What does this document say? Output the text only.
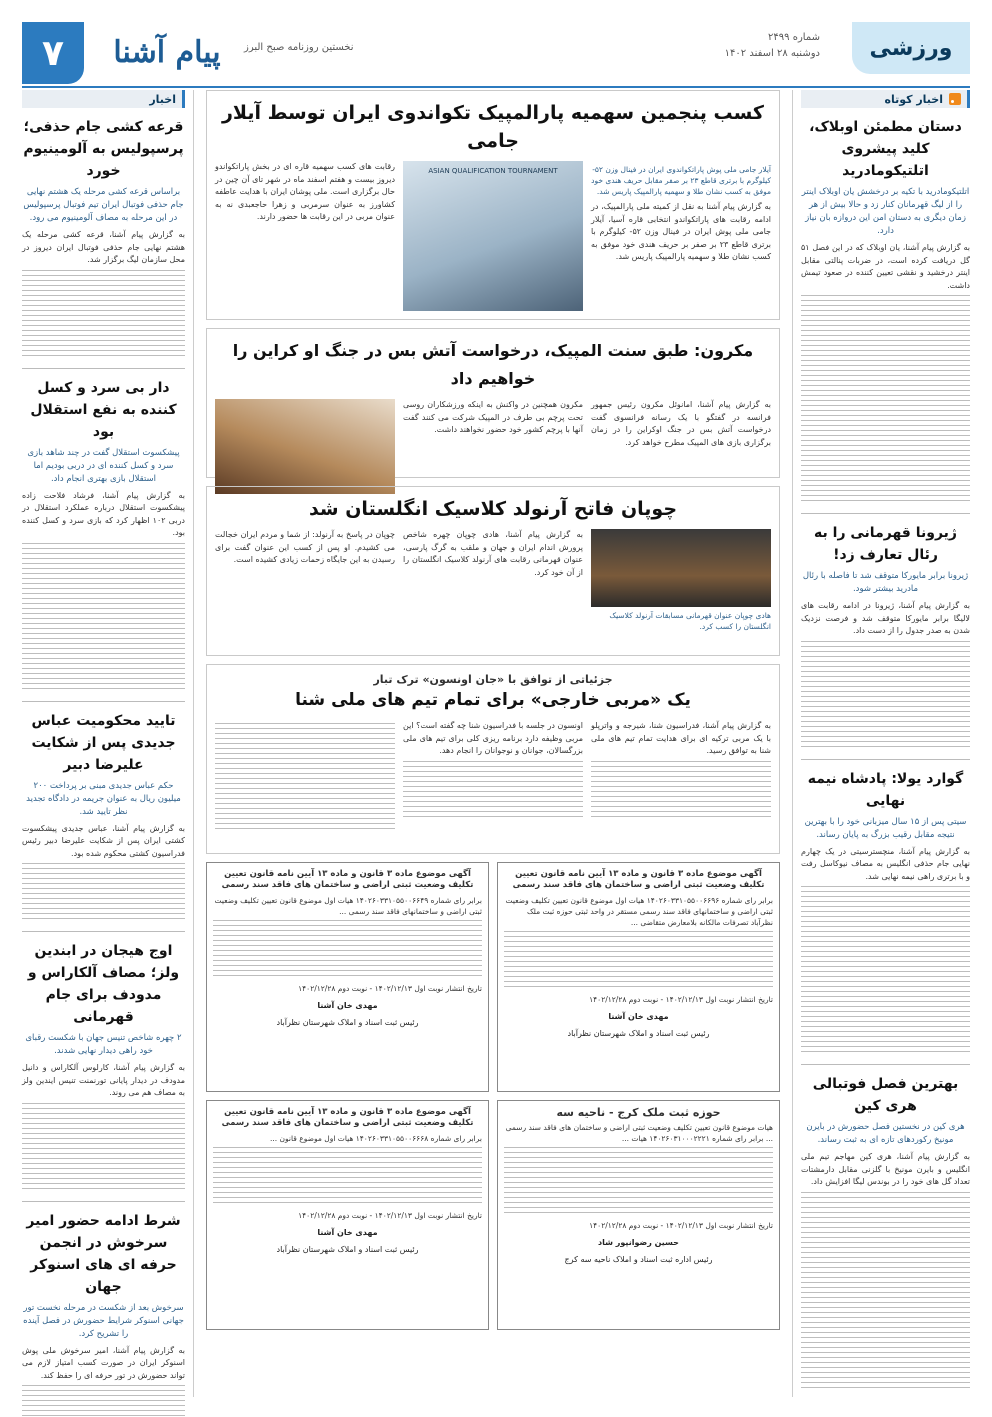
ورزشی
شماره ۲۴۹۹
دوشنبه ۲۸ اسفند ۱۴۰۲
۷	پیام آشنا	نخستین روزنامه صبح البرز
اخبار کوتاه
دستان مطمئن اوبلاک، کلید پیشروی اتلتیکومادرید
اتلتیکومادرید با تکیه بر درخشش یان اوبلاک اینتر را از لیگ قهرمانان کنار زد و حالا بیش از هر زمان دیگری به دستان امن این دروازه بان نیاز دارد.
به گزارش پیام آشنا، یان اوبلاک که در این فصل ۵۱ گل دریافت کرده است، در ضربات پنالتی مقابل اینتر درخشید و نقشی تعیین کننده در صعود تیمش داشت.
ژیرونا قهرمانی را به رئال تعارف زد!
ژیرونا برابر مایورکا متوقف شد تا فاصله با رئال مادرید بیشتر شود.
به گزارش پیام آشنا، ژیرونا در ادامه رقابت های لالیگا برابر مایورکا متوقف شد و فرصت نزدیک شدن به صدر جدول را از دست داد.
گوارد یولا: پادشاه نیمه نهایی
سیتی پس از ۱۵ سال میزبانی خود را با بهترین نتیجه مقابل رقیب بزرگ به پایان رساند.
به گزارش پیام آشنا، منچسترسیتی در یک چهارم نهایی جام حذفی انگلیس به مصاف نیوکاسل رفت و با برتری راهی نیمه نهایی شد.
بهترین فصل فوتبالی هری کین
هری کین در نخستین فصل حضورش در بایرن مونیخ رکوردهای تازه ای به ثبت رساند.
به گزارش پیام آشنا، هری کین مهاجم تیم ملی انگلیس و بایرن مونیخ با گلزنی مقابل دارمشتات تعداد گل های خود را در بوندس لیگا افزایش داد.
کسب پنجمین سهمیه پارالمپیک تکواندوی ایران توسط آیلار جامی
آیلار جامی ملی پوش پاراتکواندوی ایران در فینال وزن ۵۲- کیلوگرم با برتری قاطع ۲۳ بر صفر مقابل حریف هندی خود موفق به کسب نشان طلا و سهمیه پارالمپیک پاریس شد.
به گزارش پیام آشنا به نقل از کمیته ملی پارالمپیک، در ادامه رقابت های پاراتکواندو انتخابی قاره آسیا، آیلار جامی ملی پوش ایران در فینال وزن ۵۲- کیلوگرم با برتری قاطع ۲۳ بر صفر بر حریف هندی خود موفق به کسب نشان طلا و سهمیه پارالمپیک پاریس شد.
ASIAN QUALIFICATION TOURNAMENT
رقابت های کسب سهمیه قاره ای در بخش پاراتکواندو دیروز بیست و هفتم اسفند ماه در شهر تای آن چین در حال برگزاری است. ملی پوشان ایران با هدایت عاطفه کشاورز به عنوان سرمربی و زهرا حاجعبدی نه به عنوان مربی در این رقابت ها حضور دارند.
مکرون: طبق سنت المپیک، درخواست آتش بس در جنگ او کراین را خواهیم داد
به گزارش پیام آشنا، امانوئل مکرون رئیس جمهور فرانسه در گفتگو با یک رسانه فرانسوی گفت درخواست آتش بس در جنگ اوکراین را در زمان برگزاری بازی های المپیک مطرح خواهد کرد.
مکرون همچنین در واکنش به اینکه ورزشکاران روسی تحت پرچم بی طرف در المپیک شرکت می کنند گفت آنها با پرچم کشور خود حضور نخواهند داشت.
چوپان فاتح آرنولد کلاسیک انگلستان شد
هادی چوپان عنوان قهرمانی مسابقات آرنولد کلاسیک انگلستان را کسب کرد.
به گزارش پیام آشنا، هادی چوپان چهره شاخص پرورش اندام ایران و جهان و ملقب به گرگ پارسی، عنوان قهرمانی رقابت های آرنولد کلاسیک انگلستان را از آن خود کرد.
چوپان در پاسخ به آرنولد: از شما و مردم ایران خجالت می کشیدم. او پس از کسب این عنوان گفت برای رسیدن به این جایگاه زحمات زیادی کشیده است.
جزئیاتی از توافق با «جان اونسون» ترک تبار
یک «مربی خارجی» برای تمام تیم های ملی شنا
به گزارش پیام آشنا، فدراسیون شنا، شیرجه و واترپلو با یک مربی ترکیه ای برای هدایت تمام تیم های ملی شنا به توافق رسید.
اونسون در جلسه با فدراسیون شنا چه گفته است؟ این مربی وظیفه دارد برنامه ریزی کلی برای تیم های ملی بزرگسالان، جوانان و نوجوانان را انجام دهد.
آگهی موضوع ماده ۳ قانون و ماده ۱۳ آیین نامه قانون تعیین تکلیف وضعیت ثبتی اراضی و ساختمان های فاقد سند رسمی
برابر رای شماره ۱۴۰۲۶۰۳۳۱۰۵۵۰۰۶۶۹۶ هیات اول موضوع قانون تعیین تکلیف وضعیت ثبتی اراضی و ساختمانهای فاقد سند رسمی مستقر در واحد ثبتی حوزه ثبت ملک نظرآباد تصرفات مالکانه بلامعارض متقاضی ...
تاریخ انتشار نوبت اول ۱۴۰۲/۱۲/۱۳ - نوبت دوم ۱۴۰۲/۱۲/۲۸
مهدی خان آشنا
رئیس ثبت اسناد و املاک شهرستان نظرآباد
آگهی موضوع ماده ۳ قانون و ماده ۱۳ آیین نامه قانون تعیین تکلیف وضعیت ثبتی اراضی و ساختمان های فاقد سند رسمی
برابر رای شماره ۱۴۰۲۶۰۳۳۱۰۵۵۰۰۶۶۴۹ هیات اول موضوع قانون تعیین تکلیف وضعیت ثبتی اراضی و ساختمانهای فاقد سند رسمی ...
تاریخ انتشار نوبت اول ۱۴۰۲/۱۲/۱۳ - نوبت دوم ۱۴۰۲/۱۲/۲۸
مهدی خان آشنا
رئیس ثبت اسناد و املاک شهرستان نظرآباد
حوزه ثبت ملک کرج - ناحیه سه
هیات موضوع قانون تعیین تکلیف وضعیت ثبتی اراضی و ساختمان های فاقد سند رسمی ... برابر رای شماره ۱۴۰۲۶۰۳۱۰۰۰۲۲۲۱ هیات ...
تاریخ انتشار نوبت اول ۱۴۰۲/۱۲/۱۳ - نوبت دوم ۱۴۰۲/۱۲/۲۸
حسین رضوانپور شاد
رئیس اداره ثبت اسناد و املاک ناحیه سه کرج
آگهی موضوع ماده ۳ قانون و ماده ۱۳ آیین نامه قانون تعیین تکلیف وضعیت ثبتی اراضی و ساختمان های فاقد سند رسمی
برابر رای شماره ۱۴۰۲۶۰۳۳۱۰۵۵۰۰۶۶۶۸ هیات اول موضوع قانون ...
تاریخ انتشار نوبت اول ۱۴۰۲/۱۲/۱۳ - نوبت دوم ۱۴۰۲/۱۲/۲۸
مهدی خان آشنا
رئیس ثبت اسناد و املاک شهرستان نظرآباد
اخبار
قرعه کشی جام حذفی؛ پرسپولیس به آلومینیوم خورد
براساس قرعه کشی مرحله یک هشتم نهایی جام حذفی فوتبال ایران تیم فوتبال پرسپولیس در این مرحله به مصاف آلومینیوم می رود.
به گزارش پیام آشنا، قرعه کشی مرحله یک هشتم نهایی جام حذفی فوتبال ایران دیروز در محل سازمان لیگ برگزار شد.
دار بی سرد و کسل کننده به نفع استقلال بود
پیشکسوت استقلال گفت در چند شاهد بازی سرد و کسل کننده ای در دربی بودیم اما استقلال بازی بهتری انجام داد.
به گزارش پیام آشنا، فرشاد فلاحت زاده پیشکسوت استقلال درباره عملکرد استقلال در دربی ۱۰۲ اظهار کرد که بازی سرد و کسل کننده بود.
تایید محکومیت عباس جدیدی پس از شکایت علیرضا دبیر
حکم عباس جدیدی مبنی بر پرداخت ۲۰۰ میلیون ریال به عنوان جریمه در دادگاه تجدید نظر تایید شد.
به گزارش پیام آشنا، عباس جدیدی پیشکسوت کشتی ایران پس از شکایت علیرضا دبیر رئیس فدراسیون کشتی محکوم شده بود.
اوج هیجان در ابندین ولز؛ مصاف آلکاراس و مدودف برای جام قهرمانی
۲ چهره شاخص تنیس جهان با شکست رقبای خود راهی دیدار نهایی شدند.
به گزارش پیام آشنا، کارلوس آلکاراس و دانیل مدودف در دیدار پایانی تورنمنت تنیس ایندین ولز به مصاف هم می روند.
شرط ادامه حضور امیر سرخوش در انجمن حرفه ای های اسنوکر جهان
سرخوش بعد از شکست در مرحله نخست تور جهانی اسنوکر شرایط حضورش در فصل آینده را تشریح کرد.
به گزارش پیام آشنا، امیر سرخوش ملی پوش اسنوکر ایران در صورت کسب امتیاز لازم می تواند حضورش در تور حرفه ای را حفظ کند.
